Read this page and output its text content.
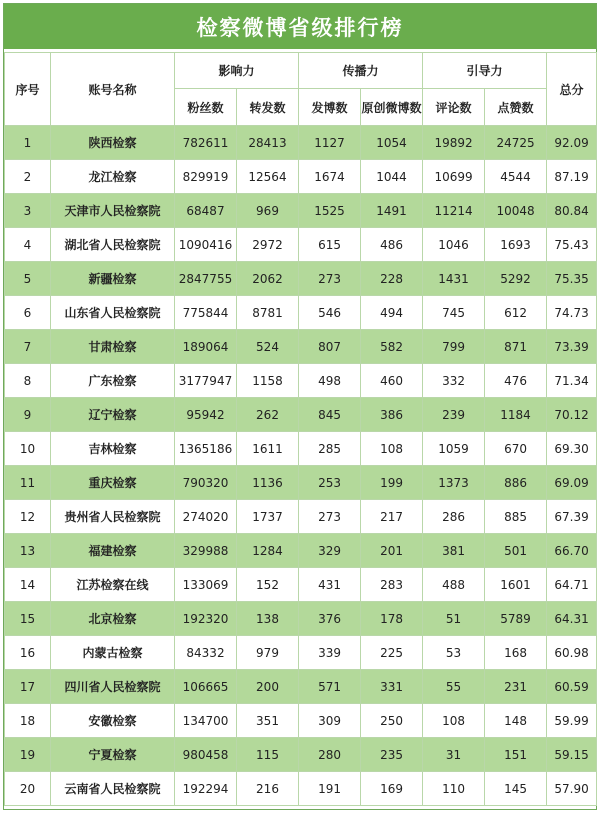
检察微博省级排行榜
序号	账号名称	影响力		传播力		引导力		总分
		粉丝数	转发数	发博数	原创微博数	评论数	点赞数	
1	陕西检察	782611	28413	1127	1054	19892	24725	92.09
2	龙江检察	829919	12564	1674	1044	10699	4544	87.19
3	天津市人民检察院	68487	969	1525	1491	11214	10048	80.84
4	湖北省人民检察院	1090416	2972	615	486	1046	1693	75.43
5	新疆检察	2847755	2062	273	228	1431	5292	75.35
6	山东省人民检察院	775844	8781	546	494	745	612	74.73
7	甘肃检察	189064	524	807	582	799	871	73.39
8	广东检察	3177947	1158	498	460	332	476	71.34
9	辽宁检察	95942	262	845	386	239	1184	70.12
10	吉林检察	1365186	1611	285	108	1059	670	69.30
11	重庆检察	790320	1136	253	199	1373	886	69.09
12	贵州省人民检察院	274020	1737	273	217	286	885	67.39
13	福建检察	329988	1284	329	201	381	501	66.70
14	江苏检察在线	133069	152	431	283	488	1601	64.71
15	北京检察	192320	138	376	178	51	5789	64.31
16	内蒙古检察	84332	979	339	225	53	168	60.98
17	四川省人民检察院	106665	200	571	331	55	231	60.59
18	安徽检察	134700	351	309	250	108	148	59.99
19	宁夏检察	980458	115	280	235	31	151	59.15
20	云南省人民检察院	192294	216	191	169	110	145	57.90
